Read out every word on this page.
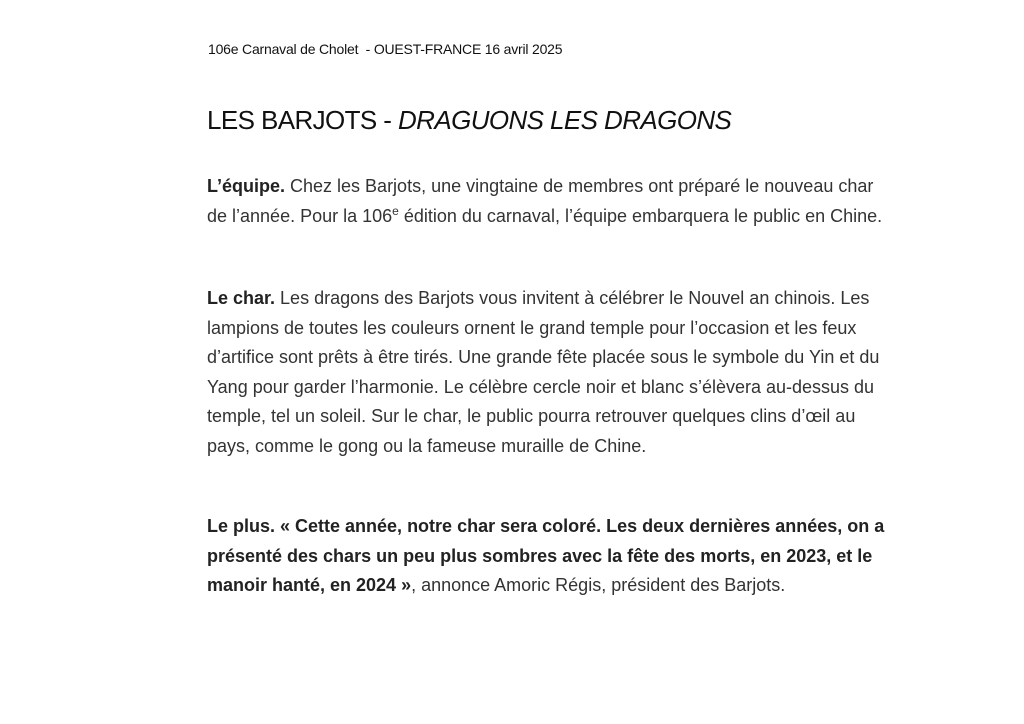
106e Carnaval de Cholet  - OUEST-FRANCE 16 avril 2025
LES BARJOTS - DRAGUONS LES DRAGONS
L’équipe. Chez les Barjots, une vingtaine de membres ont préparé le nouveau char de l’année. Pour la 106e édition du carnaval, l’équipe embarquera le public en Chine.
Le char. Les dragons des Barjots vous invitent à célébrer le Nouvel an chinois. Les lampions de toutes les couleurs ornent le grand temple pour l’occasion et les feux d’artifice sont prêts à être tirés. Une grande fête placée sous le symbole du Yin et du Yang pour garder l’harmonie. Le célèbre cercle noir et blanc s’élèvera au-dessus du temple, tel un soleil. Sur le char, le public pourra retrouver quelques clins d’œil au pays, comme le gong ou la fameuse muraille de Chine.
Le plus. « Cette année, notre char sera coloré. Les deux dernières années, on a présenté des chars un peu plus sombres avec la fête des morts, en 2023, et le manoir hanté, en 2024 », annonce Amoric Régis, président des Barjots.
